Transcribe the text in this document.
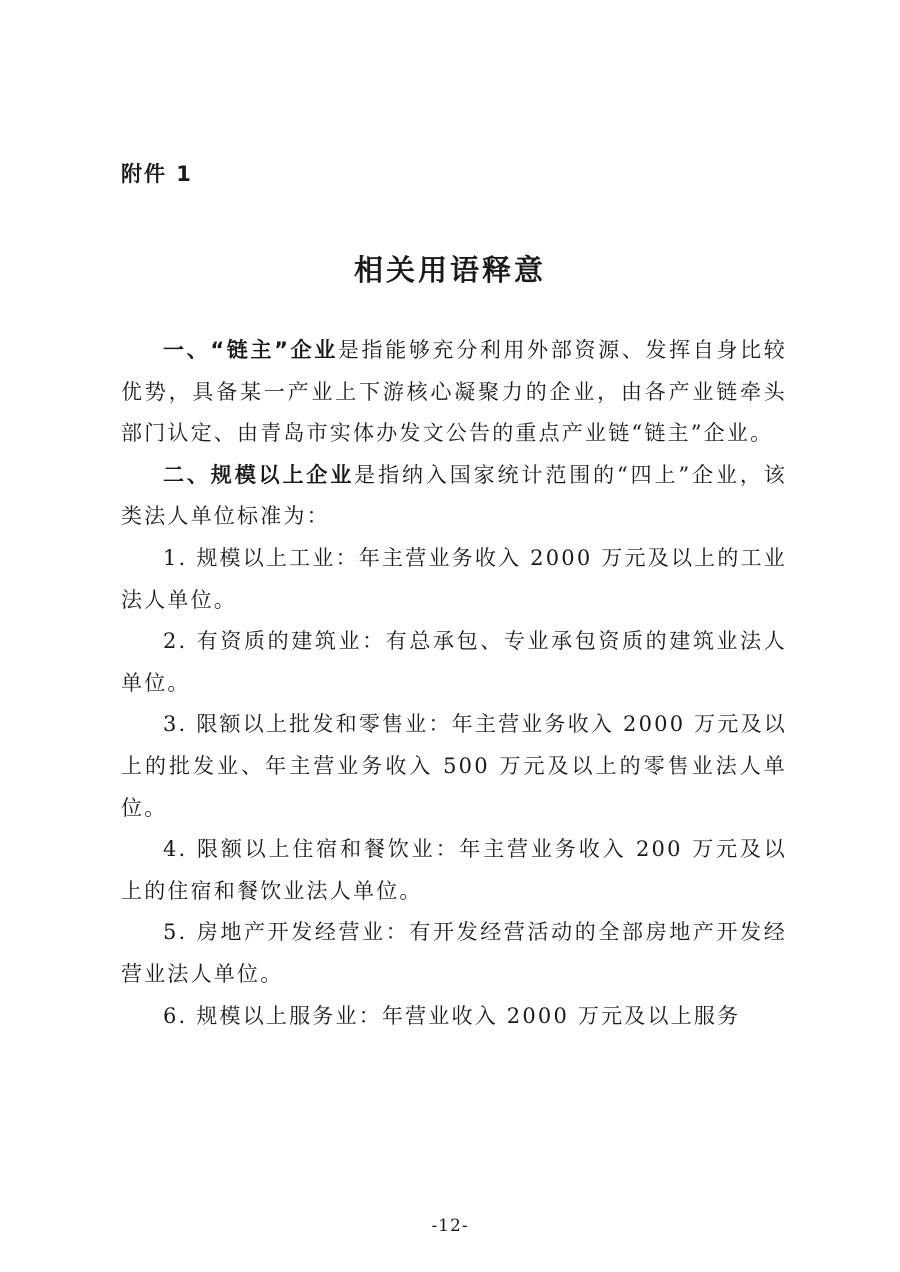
附件 1
相关用语释意

一、“链主”企业是指能够充分利用外部资源、发挥自身比较优势，具备某一产业上下游核心凝聚力的企业，由各产业链牵头部门认定、由青岛市实体办发文公告的重点产业链“链主”企业。

二、规模以上企业是指纳入国家统计范围的“四上”企业，该类法人单位标准为：

1. 规模以上工业：年主营业务收入 2000 万元及以上的工业法人单位。

2. 有资质的建筑业：有总承包、专业承包资质的建筑业法人单位。

3. 限额以上批发和零售业：年主营业务收入 2000 万元及以上的批发业、年主营业务收入 500 万元及以上的零售业法人单位。

4. 限额以上住宿和餐饮业：年主营业务收入 200 万元及以上的住宿和餐饮业法人单位。

5. 房地产开发经营业：有开发经营活动的全部房地产开发经营业法人单位。

6. 规模以上服务业：年营业收入 2000 万元及以上服务

-12-
